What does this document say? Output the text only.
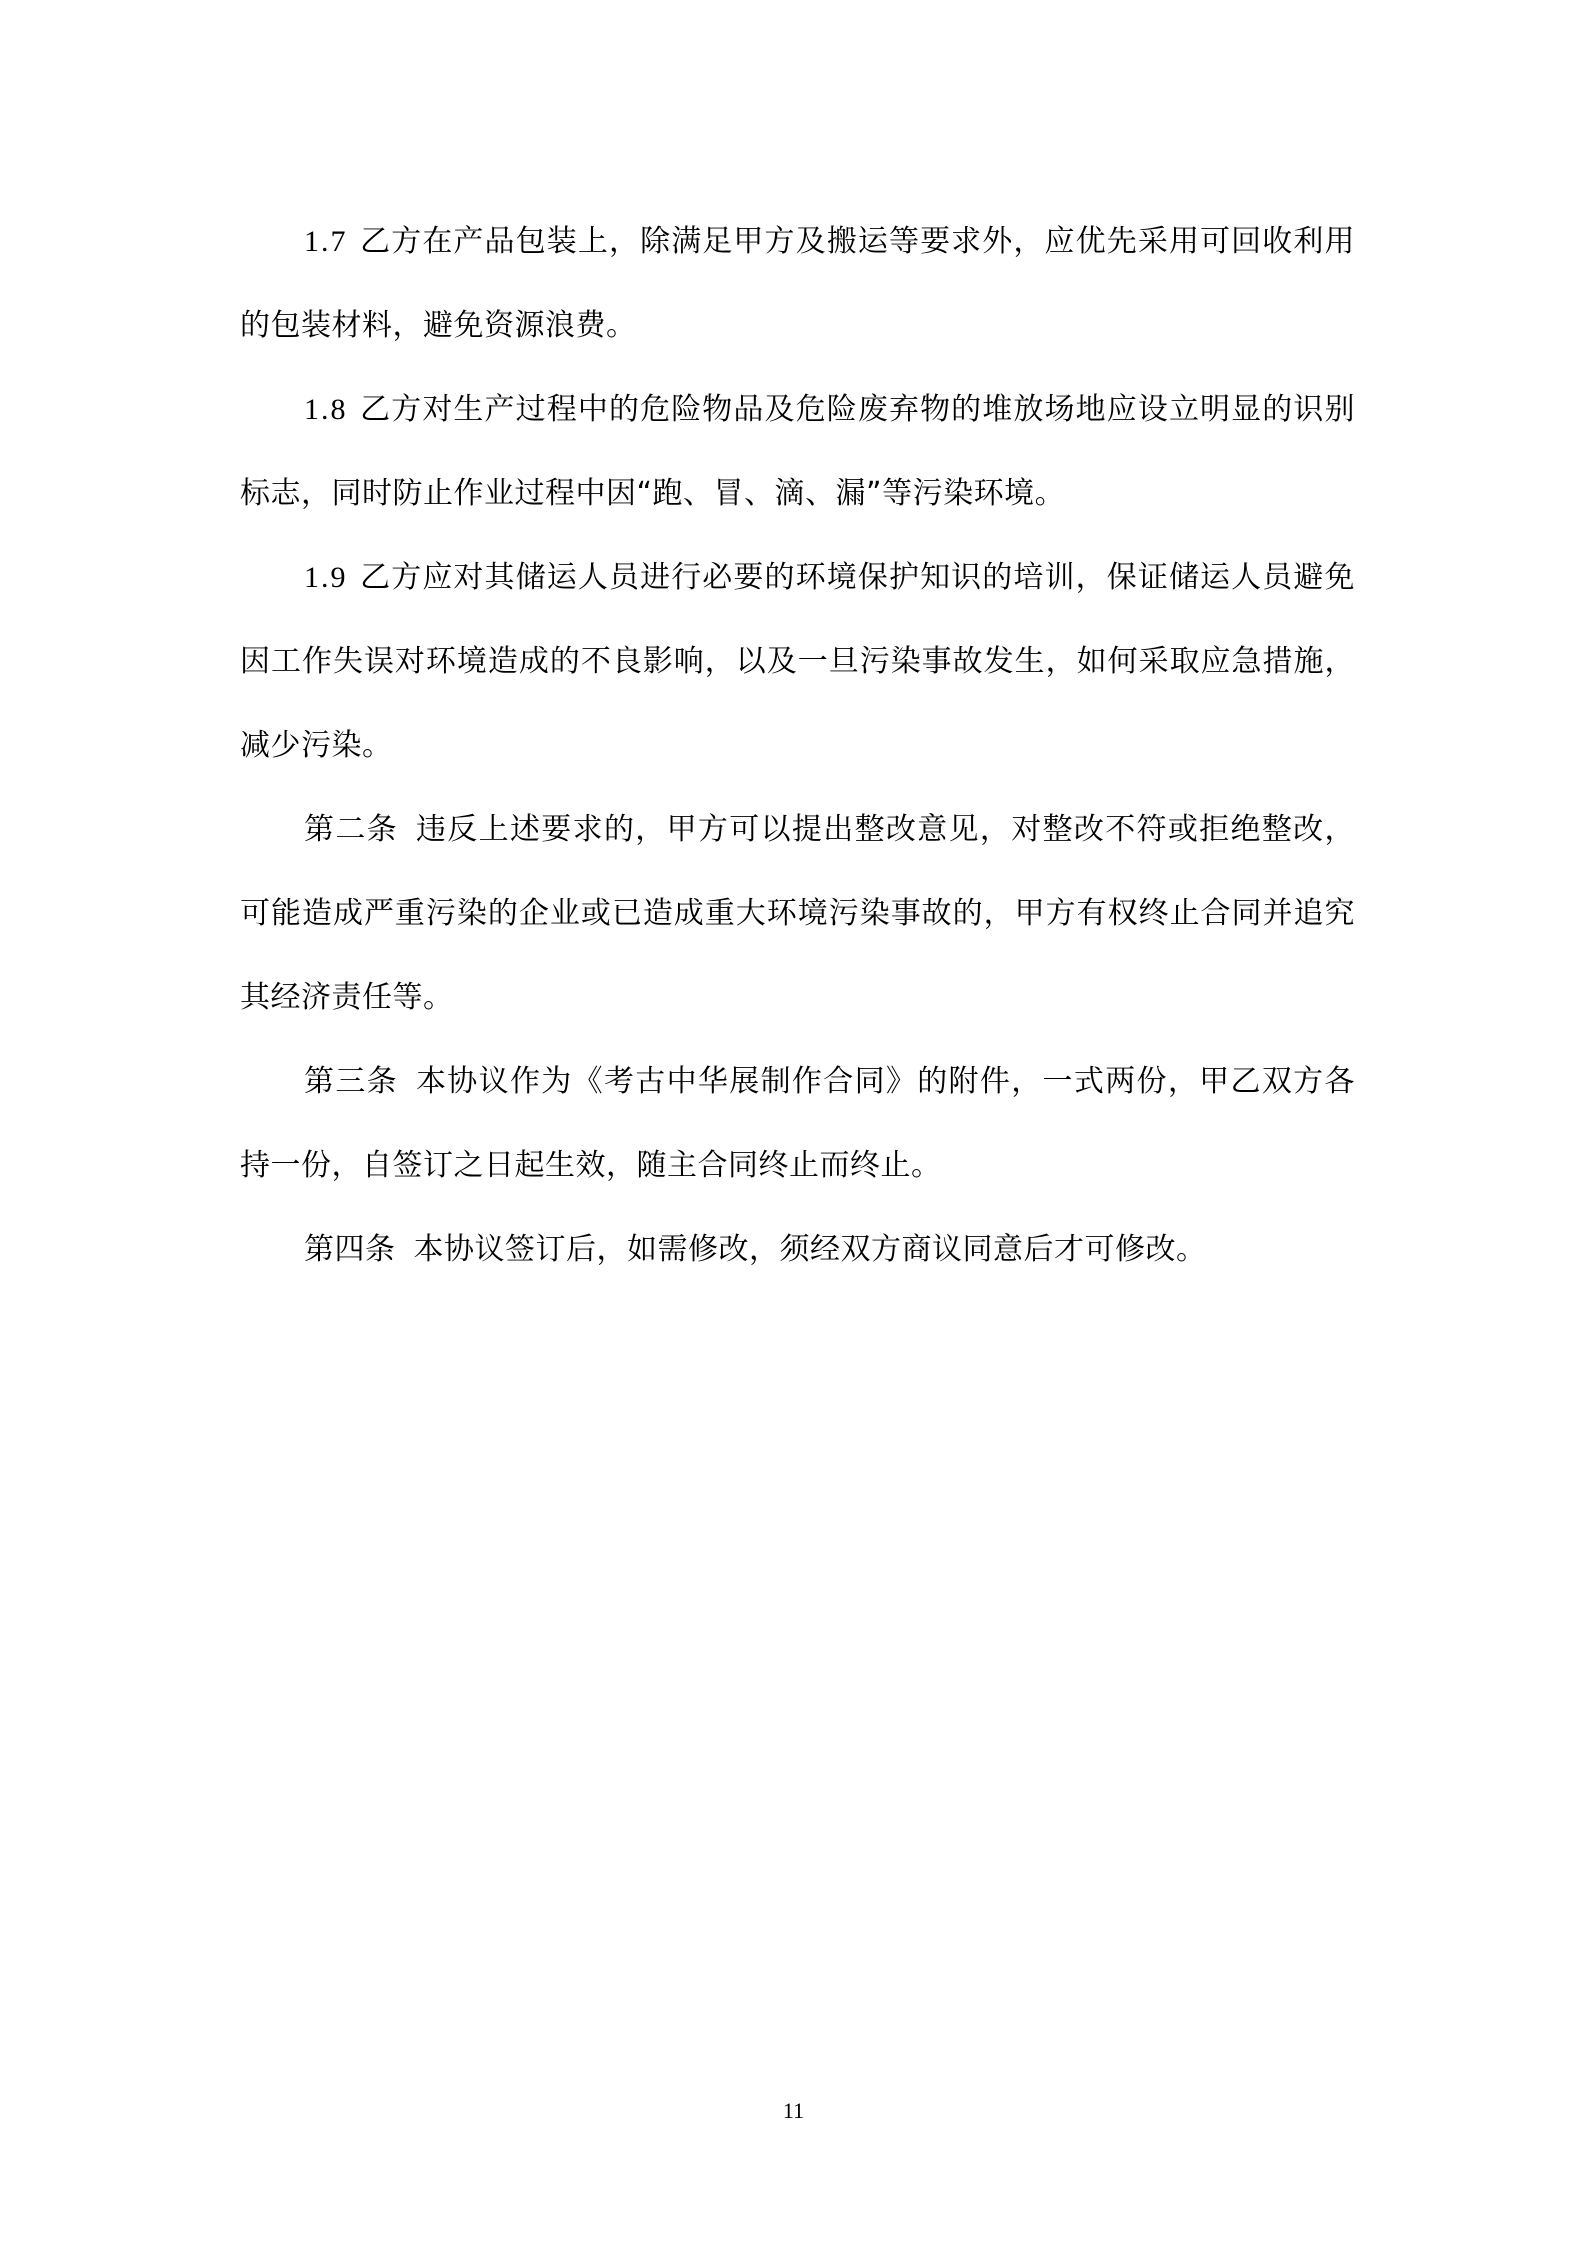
1.7 乙方在产品包装上，除满足甲方及搬运等要求外，应优先采用可回收利用的包装材料，避免资源浪费。

1.8 乙方对生产过程中的危险物品及危险废弃物的堆放场地应设立明显的识别标志，同时防止作业过程中因“跑、冒、滴、漏”等污染环境。

1.9 乙方应对其储运人员进行必要的环境保护知识的培训，保证储运人员避免因工作失误对环境造成的不良影响，以及一旦污染事故发生，如何采取应急措施，减少污染。

第二条 违反上述要求的，甲方可以提出整改意见，对整改不符或拒绝整改，可能造成严重污染的企业或已造成重大环境污染事故的，甲方有权终止合同并追究其经济责任等。

第三条 本协议作为《考古中华展制作合同》的附件，一式两份，甲乙双方各持一份，自签订之日起生效，随主合同终止而终止。

第四条 本协议签订后，如需修改，须经双方商议同意后才可修改。

11
